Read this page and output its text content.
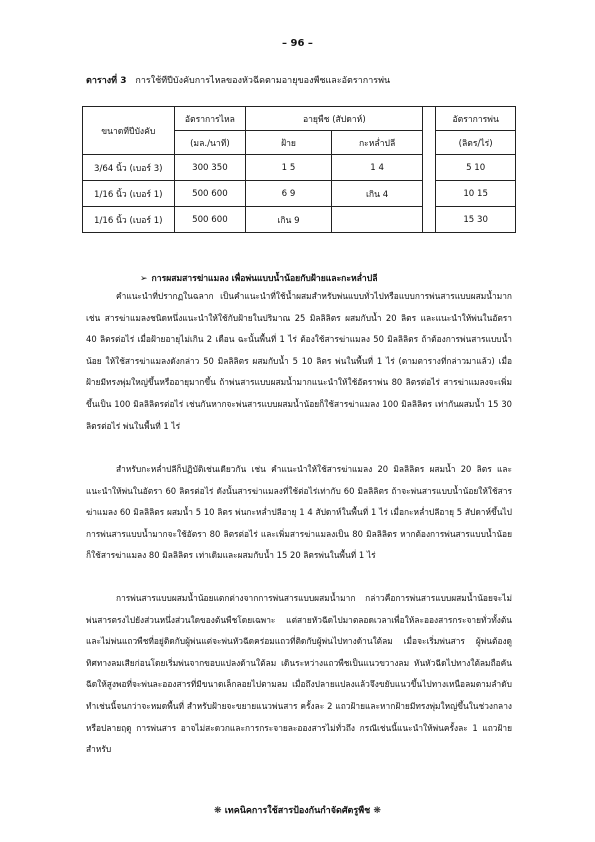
– 96 –
ตารางที่ 3 การใช้ทีปีบังคับการไหลของหัวฉีดตามอายุของพืชและอัตราการพ่น
ขนาดทีปีบังคับ	อัตราการไหล	อายุพืช (สัปดาห์)			อัตราการพ่น
	(มล./นาที)	ฝ้าย	กะหล่ำปลี		(ลิตร/ไร่)
3/64 นิ้ว (เบอร์ 3)	300 350	1 5	1 4		5 10
1/16 นิ้ว (เบอร์ 1)	500 600	6 9	เกิน 4		10 15
1/16 นิ้ว (เบอร์ 1)	500 600	เกิน 9			15 30
➢ การผสมสารฆ่าแมลง เพื่อพ่นแบบน้ำน้อยกับฝ้ายและกะหล่ำปลี

คำแนะนำที่ปรากฏในฉลาก เป็นคำแนะนำที่ใช้น้ำผสมสำหรับพ่นแบบทั่วไปหรือแบบการพ่นสารแบบผสมน้ำมาก เช่น สารฆ่าแมลงชนิดหนึ่งแนะนำให้ใช้กับฝ้ายในปริมาณ 25 มิลลิลิตร ผสมกับน้ำ 20 ลิตร และแนะนำให้พ่นในอัตรา 40 ลิตรต่อไร่ เมื่อฝ้ายอายุไม่เกิน 2 เดือน ฉะนั้นพื้นที่ 1 ไร่ ต้องใช้สารฆ่าแมลง 50 มิลลิลิตร ถ้าต้องการพ่นสารแบบน้ำน้อย ให้ใช้สารฆ่าแมลงดังกล่าว 50 มิลลิลิตร ผสมกับน้ำ 5 10 ลิตร พ่นในพื้นที่ 1 ไร่ (ตามตารางที่กล่าวมาแล้ว) เมื่อฝ้ายมีทรงพุ่มใหญ่ขึ้นหรืออายุมากขึ้น ถ้าพ่นสารแบบผสมน้ำมากแนะนำให้ใช้อัตราพ่น 80 ลิตรต่อไร่ สารฆ่าแมลงจะเพิ่มขึ้นเป็น 100 มิลลิลิตรต่อไร่ เช่นกันหากจะพ่นสารแบบผสมน้ำน้อยก็ใช้สารฆ่าแมลง 100 มิลลิลิตร เท่ากันผสมน้ำ 15 30 ลิตรต่อไร่ พ่นในพื้นที่ 1 ไร่

สำหรับกะหล่ำปลีก็ปฏิบัติเช่นเดียวกัน เช่น คำแนะนำให้ใช้สารฆ่าแมลง 20 มิลลิลิตร ผสมน้ำ 20 ลิตร และแนะนำให้พ่นในอัตรา 60 ลิตรต่อไร่ ดังนั้นสารฆ่าแมลงที่ใช้ต่อไร่เท่ากับ 60 มิลลิลิตร ถ้าจะพ่นสารแบบน้ำน้อยให้ใช้สารฆ่าแมลง 60 มิลลิลิตร ผสมน้ำ 5 10 ลิตร พ่นกะหล่ำปลีอายุ 1 4 สัปดาห์ในพื้นที่ 1 ไร่ เมื่อกะหล่ำปลีอายุ 5 สัปดาห์ขึ้นไป การพ่นสารแบบน้ำมากจะใช้อัตรา 80 ลิตรต่อไร่ และเพิ่มสารฆ่าแมลงเป็น 80 มิลลิลิตร หากต้องการพ่นสารแบบน้ำน้อยก็ใช้สารฆ่าแมลง 80 มิลลิลิตร เท่าเดิมและผสมกับน้ำ 15 20 ลิตรพ่นในพื้นที่ 1 ไร่

การพ่นสารแบบผสมน้ำน้อยแตกต่างจากการพ่นสารแบบผสมน้ำมาก กล่าวคือการพ่นสารแบบผสมน้ำน้อยจะไม่พ่นสารตรงไปยังส่วนหนึ่งส่วนใดของต้นพืชโดยเฉพาะ แต่สายหัวฉีดไปมาตลอดเวลาเพื่อให้ละอองสารกระจายทั่วทั้งต้นและไม่พ่นแถวพืชที่อยู่ติดกับผู้พ่นแต่จะพ่นหัวฉีดคร่อมแถวที่ติดกับผู้พ่นไปทางด้านใต้ลม เมื่อจะเริ่มพ่นสาร ผู้พ่นต้องดูทิศทางลมเสียก่อนโดยเริ่มพ่นจากขอบแปลงด้านใต้ลม เดินระหว่างแถวพืชเป็นแนวขวางลม หันหัวฉีดไปทางใต้ลมถือคันฉีดให้สูงพอที่จะพ่นละอองสารที่มีขนาดเล็กลอยไปตามลม เมื่อถึงปลายแปลงแล้วจึงขยับแนวขึ้นไปทางเหนือลมตามลำดับ ทำเช่นนี้จนกว่าจะหมดพื้นที่ สำหรับฝ้ายจะขยายแนวพ่นสาร ครั้งละ 2 แถวฝ้ายและหากฝ้ายมีทรงพุ่มใหญ่ขึ้นในช่วงกลางหรือปลายฤดู การพ่นสาร อาจไม่สะดวกและการกระจายละอองสารไม่ทั่วถึง กรณีเช่นนี้แนะนำให้พ่นครั้งละ 1 แถวฝ้าย สำหรับ

❋ เทคนิคการใช้สารป้องกันกำจัดศัตรูพืช ❋
